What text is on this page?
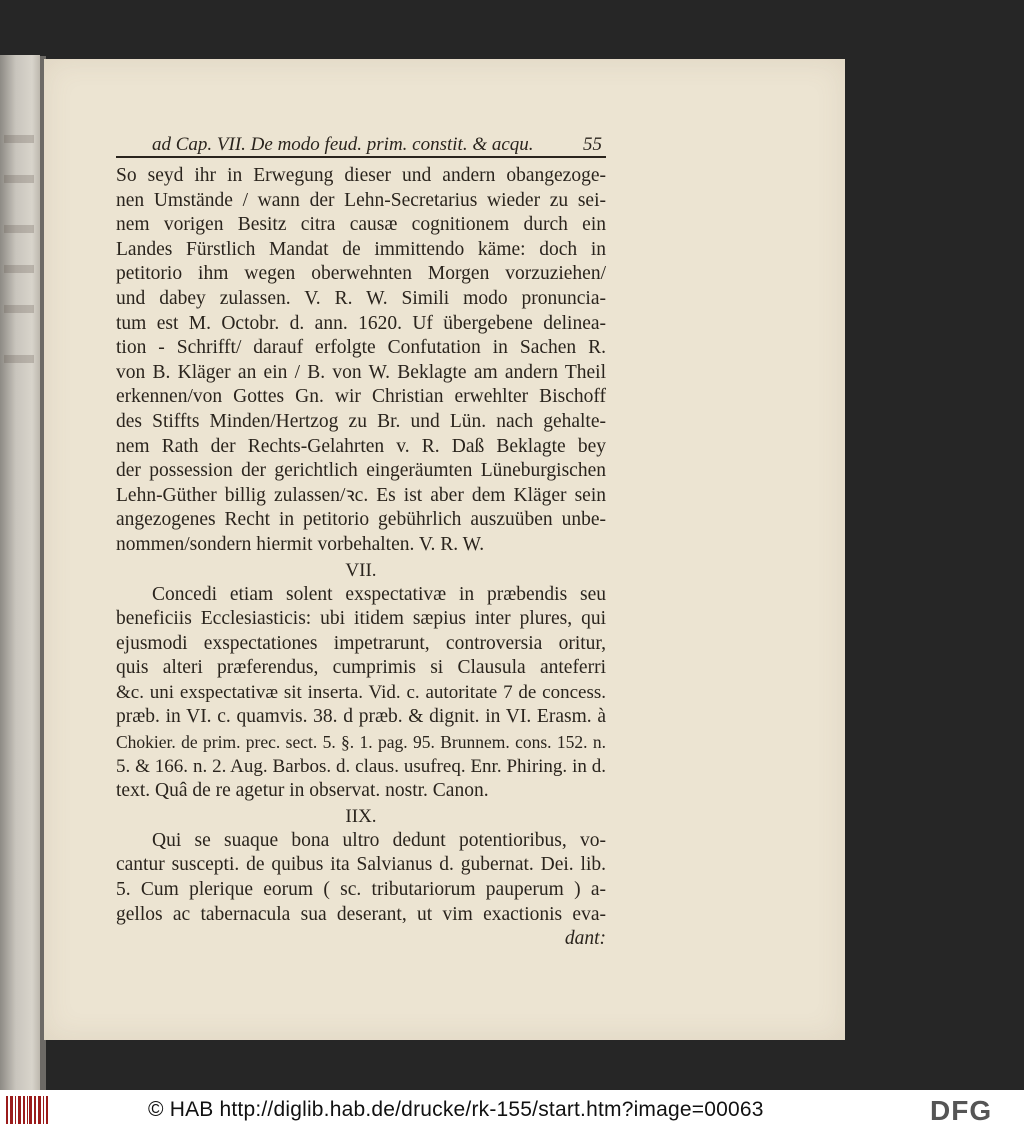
ad Cap. VII. De modo feud. prim. constit. & acqu.	55
So seyd ihr in Erwegung dieser und andern obangezoge-
nen Umstände / wann der Lehn-Secretarius wieder zu sei-
nem vorigen Besitz citra causæ cognitionem durch ein
Landes Fürstlich Mandat de immittendo käme: doch in
petitorio ihm wegen oberwehnten Morgen vorzuziehen/
und dabey zulassen. V. R. W. Simili modo pronuncia-
tum est M. Octobr. d. ann. 1620. Uf übergebene delinea-
tion - Schrifft/ darauf erfolgte Confutation in Sachen R.
von B. Kläger an ein / B. von W. Beklagte am andern Theil
erkennen/von Gottes Gn. wir Christian erwehlter Bischoff
des Stiffts Minden/Hertzog zu Br. und Lün. nach gehalte-
nem Rath der Rechts-Gelahrten v. R. Daß Beklagte bey
der possession der gerichtlich eingeräumten Lüneburgischen
Lehn-Güther billig zulassen/ꝛc. Es ist aber dem Kläger sein
angezogenes Recht in petitorio gebührlich auszuüben unbe-
nommen/sondern hiermit vorbehalten. V. R. W.
VII.
Concedi etiam solent exspectativæ in præbendis seu
beneficiis Ecclesiasticis: ubi itidem sæpius inter plures, qui
ejusmodi exspectationes impetrarunt, controversia oritur,
quis alteri præferendus, cumprimis si Clausula anteferri
&c. uni exspectativæ sit inserta. Vid. c. autoritate 7 de concess.
præb. in VI. c. quamvis. 38. d præb. & dignit. in VI. Erasm. à
Chokier. de prim. prec. sect. 5. §. 1. pag. 95. Brunnem. cons. 152. n.
5. & 166. n. 2. Aug. Barbos. d. claus. usufreq. Enr. Phiring. in d.
text. Quâ de re agetur in observat. nostr. Canon.
IIX.
Qui se suaque bona ultro dedunt potentioribus, vo-
cantur suscepti. de quibus ita Salvianus d. gubernat. Dei. lib.
5. Cum plerique eorum ( sc. tributariorum pauperum ) a-
gellos ac tabernacula sua deserant, ut vim exactionis eva-
dant:
© HAB http://diglib.hab.de/drucke/rk-155/start.htm?image=00063	DFG
